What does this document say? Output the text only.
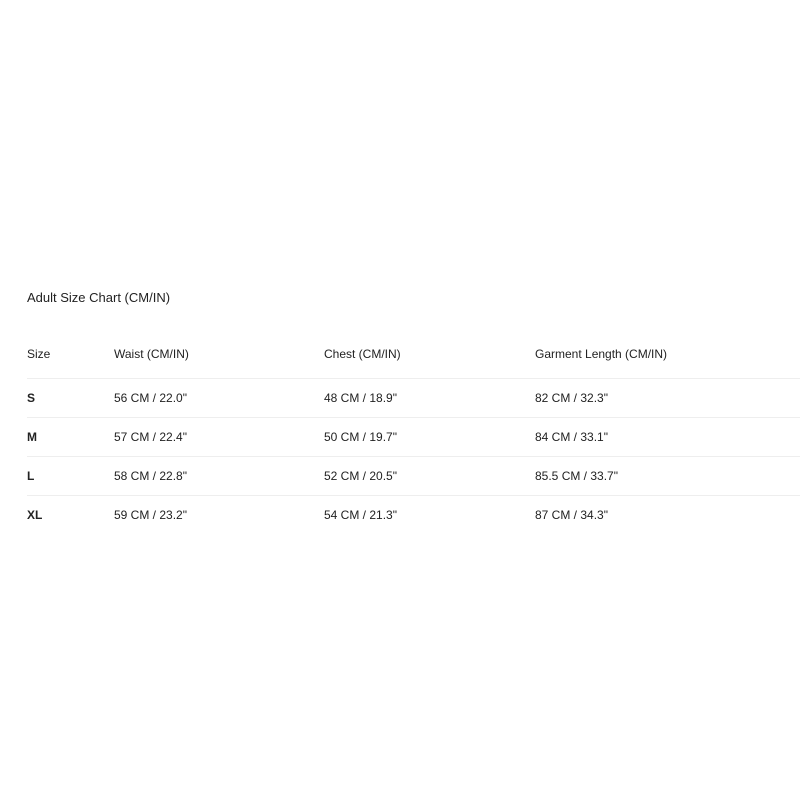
Adult Size Chart (CM/IN)
Size	Waist (CM/IN)	Chest (CM/IN)	Garment Length (CM/IN)
S	56 CM / 22.0"	48 CM / 18.9"	82 CM / 32.3"
M	57 CM / 22.4"	50 CM / 19.7"	84 CM / 33.1"
L	58 CM / 22.8"	52 CM / 20.5"	85.5 CM / 33.7"
XL	59 CM / 23.2"	54 CM / 21.3"	87 CM / 34.3"
